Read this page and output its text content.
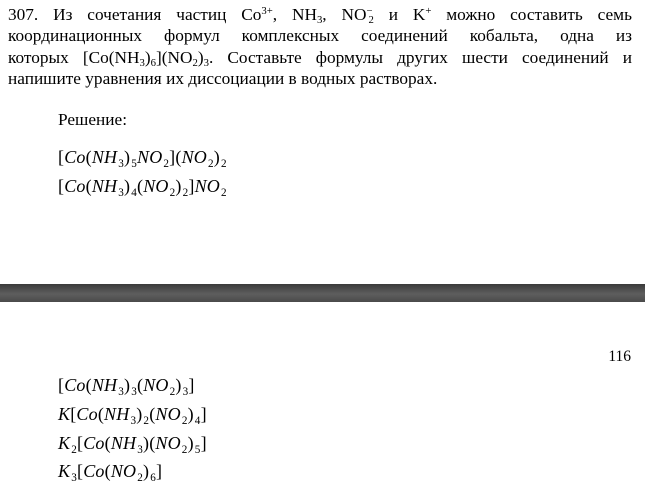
307. Из сочетания частиц $Co^{3+}$, $NH_3$, $NO^-_2$ и K+ можно составить семь
координационных формул комплексных соединений кобальта, одна из
которых $[Co(NH_3)_6](NO_2)_3$. Составьте формулы других шести соединений и
напишите уравнения их диссоциации в водных растворах.
Решение:
$[Co(NH_3)_5NO_2](NO_2)_2$
$[Co(NH_3)_4(NO_2)_2]NO_2$
116
$[Co(NH_3)_3(NO_2)_3]$
$K[Co(NH_3)_2(NO_2)_4]$
$K_2[Co(NH_3)(NO_2)_5]$
$K_3[Co(NO_2)_6]$
